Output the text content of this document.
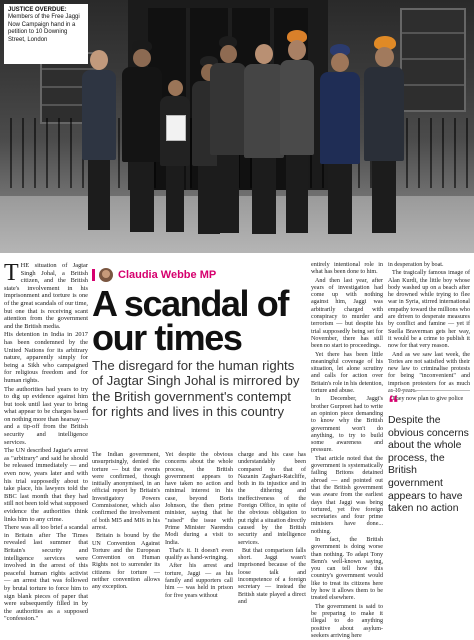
JUSTICE OVERDUE:
Members of the Free Jaggi Now Campaign hand in a petition to 10 Downing Street, London

THE situation of Jagtar Singh Johal, a British citizen, and the British state's involvement in his imprisonment and torture is one of the great scandals of our time, but one that is receiving scant attention from the government and the British media.

His detention in India in 2017 has been condemned by the United Nations for its arbitrary nature, apparently simply for being a Sikh who campaigned for religious freedom and for human rights.

The authorities had years to try to dig up evidence against him but took until last year to bring what appear to be charges based on nothing more than hearsay — and a tip-off from the British security and intelligence services.

The UN described Jagtar's arrest as "arbitrary" and said he should be released immediately — and even now, years later and with his trial supposedly about to take place, his lawyers told the BBC last month that they had still not been told what supposed evidence the authorities think links him to any crime.

There was all too brief a scandal in Britain after The Times revealed last summer that Britain's security and intelligence services were involved in the arrest of this peaceful human rights activist — an arrest that was followed by brutal torture to force him to sign blank pieces of paper that were subsequently filled in by the authorities as a supposed "confession."

Claudia Webbe MP
A scandal of our times

The disregard for the human rights of Jagtar Singh Johal is mirrored by the British government's contempt for rights and lives in this country

The Indian government, unsurprisingly, denied the torture — but the events were confirmed, though initially anonymised, in an official report by Britain's Investigatory Powers Commissioner, which also confirmed the involvement of both MI5 and MI6 in his arrest.

Britain is bound by the UN Convention Against Torture and the European Convention on Human Rights not to surrender its citizens for torture — neither convention allows any exception.

Yet despite the obvious concerns about the whole process, the British government appears to have taken no action and minimal interest in his case, beyond Boris Johnson, the then prime minister, saying that he "raised" the issue with Prime Minister Narendra Modi during a visit to India.

That's it. It doesn't even qualify as hand-wringing.

After his arrest and torture, Jaggi — as his family and supporters call him — was held in prison for five years without

charge and his case has understandably been compared to that of Nazanin Zaghari-Ratcliffe, both in its injustice and in the dithering and ineffectiveness of the Foreign Office, in spite of the obvious obligation to put right a situation directly caused by the British security and intelligence services.

But that comparison falls short. Jaggi wasn't imprisoned because of the loose talk and incompetence of a foreign secretary — instead the British state played a direct and

entirely intentional role in what has been done to him.

And then last year, after years of investigation had come up with nothing against him, Jaggi was arbitrarily charged with conspiracy to murder and terrorism — but despite his trial supposedly being set for November, there has still been no start to proceedings.

Yet there has been little meaningful coverage of his situation, let alone scrutiny and calls for action over Britain's role in his detention, torture and abuse.

In December, Jaggi's brother Gurpreet had to write an opinion piece demanding to know why the British government won't do anything, to try to build some awareness and pressure.

That article noted that the government is systematically failing Britons detained abroad — and pointed out that the British government was aware from the earliest days that Jaggi was being tortured, yet five foreign secretaries and four prime ministers have done... nothing.

In fact, the British government is doing worse than nothing. To adapt Tony Benn's well-known saying, you can tell how this country's government would like to treat its citizens here by how it allows them to be treated elsewhere.

The government is said to be preparing to make it illegal to do anything positive about asylum-seekers arriving here

in desperation by boat.

The tragically famous image of Alan Kurdi, the little boy whose body washed up on a beach after he drowned while trying to flee war in Syria, stirred international empathy toward the millions who are driven to desperate measures by conflict and famine — yet if Suella Braverman gets her way, it would be a crime to publish it now for that very reason.

And as we saw last week, the Tories are not satisfied with their new law to criminalise protests for being "inconvenient" and imprison protesters for as much as 10 years.

They now plan to give police

“
Despite the obvious concerns about the whole process, the British government appears to have taken no action
